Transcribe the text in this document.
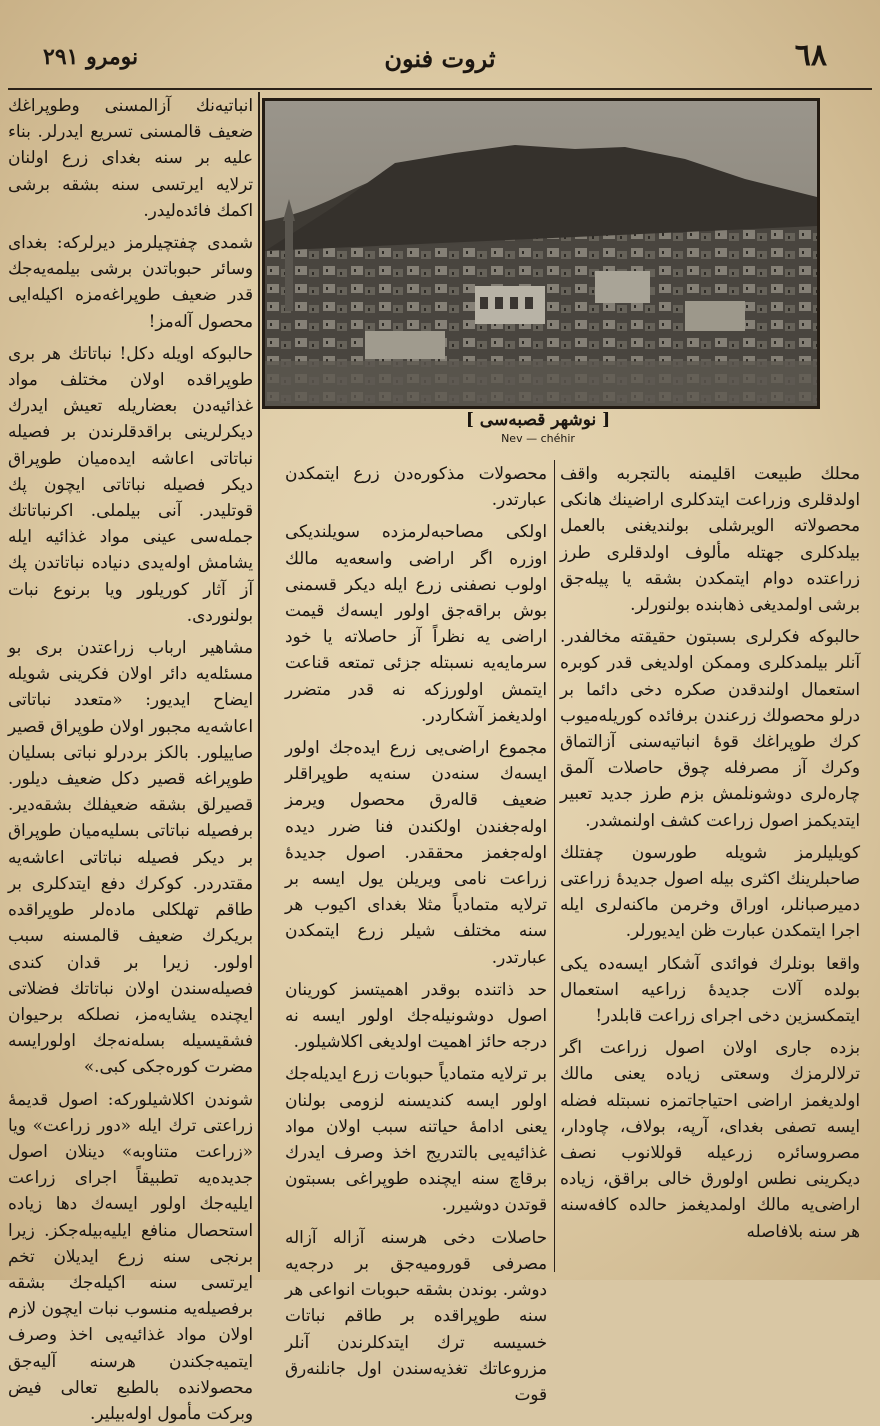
٦٨
ثروت فنون
نومرو ٢٩١
[ نوشهر قصبه‌سی ]
Nev — chéhir

محلك طبيعت اقليمنه بالتجربه واقف اولدقلری وزراعت ايتدكلری اراضينك هانكی محصولاته الويرشلی بولنديغنی بالعمل بيلدكلری جهتله مألوف اولدقلری طرز زراعتده دوام ايتمكدن بشقه يا پيله‌جق برشی اولمديغی ذهابنده بولنورلر.

حالبوكه فكرلری بسبتون حقيقته مخالفدر. آنلر بيلمدكلری وممكن اولديغی قدر كوبره استعمال اولندقدن صكره دخی دائما بر درلو محصولك زرعندن برفائده كوريله‌ميوب كرك طوپراغك قوهٔ انباتيه‌سنی آزالتماق وكرك آز مصرفله چوق حاصلات آلمق چاره‌لری دوشونلمش بزم طرز جديد تعبير ايتديكمز اصول زراعت كشف اولنمشدر.

كويليلرمز شويله طورسون چفتلك صاحبلرينك اكثری بيله اصول جديدهٔ زراعتی دميرصبانلر، اوراق وخرمن ماكنه‌لری ايله اجرا ايتمكدن عبارت ظن ايديورلر.

واقعا بونلرك فوائدی آشكار ايسه‌ده يكی بولده آلات جديدهٔ زراعيه استعمال ايتمكسزين دخی اجرای زراعت قابلدر!

بزده جاری اولان اصول زراعت اگر ترلالرمزك وسعتی زياده يعنی مالك اولديغمز اراضی احتياجاتمزه نسبتله فضله ايسه تصفی بغدای، آرپه، بولاف، چاودار، مصروسائره زرعيله قوللانوب نصف ديكرينی نطس اولورق خالی براقق، زياده اراضی‌يه مالك اولمديغمز حالده كافه‌سنه هر سنه بلافاصله

محصولات مذكوره‌دن زرع ايتمكدن عبارتدر.

اولكی مصاحبه‌لرمزده سويلنديكی اوزره اگر اراضی واسعه‌يه مالك اولوب نصفنی زرع ايله ديكر قسمنی بوش براقه‌جق اولور ايسه‌ك قيمت اراضی يه نظراً آز حاصلاته يا خود سرمايه‌يه نسبتله جزئی تمتعه قناعت ايتمش اولورزكه نه قدر متضرر اولديغمز آشكاردر.

مجموع اراضی‌يی زرع ايده‌جك اولور ايسه‌ك سنه‌دن سنه‌يه طوپراقلر ضعيف قالەرق محصول ويرمز اوله‌جغندن اولكندن فنا ضرر ديده اوله‌جغمز محققدر. اصول جديدهٔ زراعت نامی ويريلن يول ايسه بر ترلايه متمادياً مثلا بغدای اكيوب هر سنه مختلف شيلر زرع ايتمكدن عبارتدر.

حد ذاتنده بوقدر اهميتسز كورينان اصول دوشونيله‌جك اولور ايسه نه درجه حائز اهميت اولديغی اكلاشيلور.

بر ترلايه متمادياً حبوبات زرع ايديله‌جك اولور ايسه كنديسنه لزومی بولنان يعنی ادامهٔ حياتنه سبب اولان مواد غذائيه‌يی بالتدريج اخذ وصرف ايدرك برقاچ سنه ايچنده طوپراغی بسبتون قوتدن دوشيرر.

حاصلات دخی هرسنه آزاله آزاله مصرفی قورومیه‌جق بر درجه‌يه دوشر. بوندن بشقه حبوبات انواعی هر سنه طوپراقده بر طاقم نباتات خسيسه ترك ايتدكلرندن آنلر مزروعاتك تغذيه‌سندن اول جانلنه‌رق قوت

انباتيه‌نك آزالمسنی وطوپراغك ضعيف قالمسنی تسريع ايدرلر. بناء عليه بر سنه بغدای زرع اولنان ترلايه ايرتسی سنه بشقه برشی اكمك فائده‌لیدر.

شمدی چفتچيلرمز ديرلركه: بغدای وسائر حبوباتدن برشی بيلمه‌يه‌جك قدر ضعيف طوپراغه‌مزه اكيله‌ايی محصول آله‌مز!

حالبوكه اويله دكل! نباتاتك هر بری طوپراقده اولان مختلف مواد غذائيه‌دن بعضاريله تعيش ايدرك ديكرلرينی براقدقلرندن بر فصيله نباتاتی اعاشه ايده‌ميان طوپراق ديكر فصيله نباتاتی ايچون پك قوتليدر. آنی بيلملی. اكرنباتاتك جمله‌سی عينی مواد غذائيه ايله يشامش اوله‌يدی دنياده نباتاتدن پك آز آثار كوريلور ويا برنوع نبات بولنوردی.

مشاهير ارباب زراعتدن بری بو مسئله‌يه دائر اولان فكرينی شويله ايضاح ايديور: «متعدد نباتاتی اعاشه‌يه مجبور اولان طوپراق قصير صاييلور. بالكز بردرلو نباتی بسليان طوپراغه قصير دكل ضعيف ديلور. قصيرلق بشقه ضعيفلك بشقه‌دير. برفصيله نباتاتی بسليه‌ميان طوپراق بر ديكر فصيله نباتاتی اعاشه‌يه مقتدردر. كوكرك دفع ايتدكلری بر طاقم تهلكلی ماده‌لر طوپراقده بريكرك ضعيف قالمسنه سبب اولور. زيرا بر قدان كندی فصيله‌سندن اولان نباتاتك فضلاتی ايچنده يشايه‌مز، نصلكه برحيوان فشقيسيله بسله‌نه‌جك اولورايسه مضرت كوره‌جكی كبی.»

شوندن اكلاشيلوركه: اصول قديمهٔ زراعتی ترك ايله «دور زراعت» ويا «زراعت متناوبه» دينلان اصول جديده‌يه تطبيقاً اجرای زراعت ايليه‌جك اولور ايسه‌ك دها زياده استحصال منافع ايليه‌بيله‌جكز. زيرا برنجی سنه زرع ايديلان تخم ايرتسی سنه اكيله‌جك بشقه برفصيله‌يه منسوب نبات ايچون لازم اولان مواد غذائيه‌يی اخذ وصرف ايتميه‌جكندن هرسنه آليه‌جق محصولانده بالطبع تعالی فيض وبركت مأمول اوله‌بيلير.
